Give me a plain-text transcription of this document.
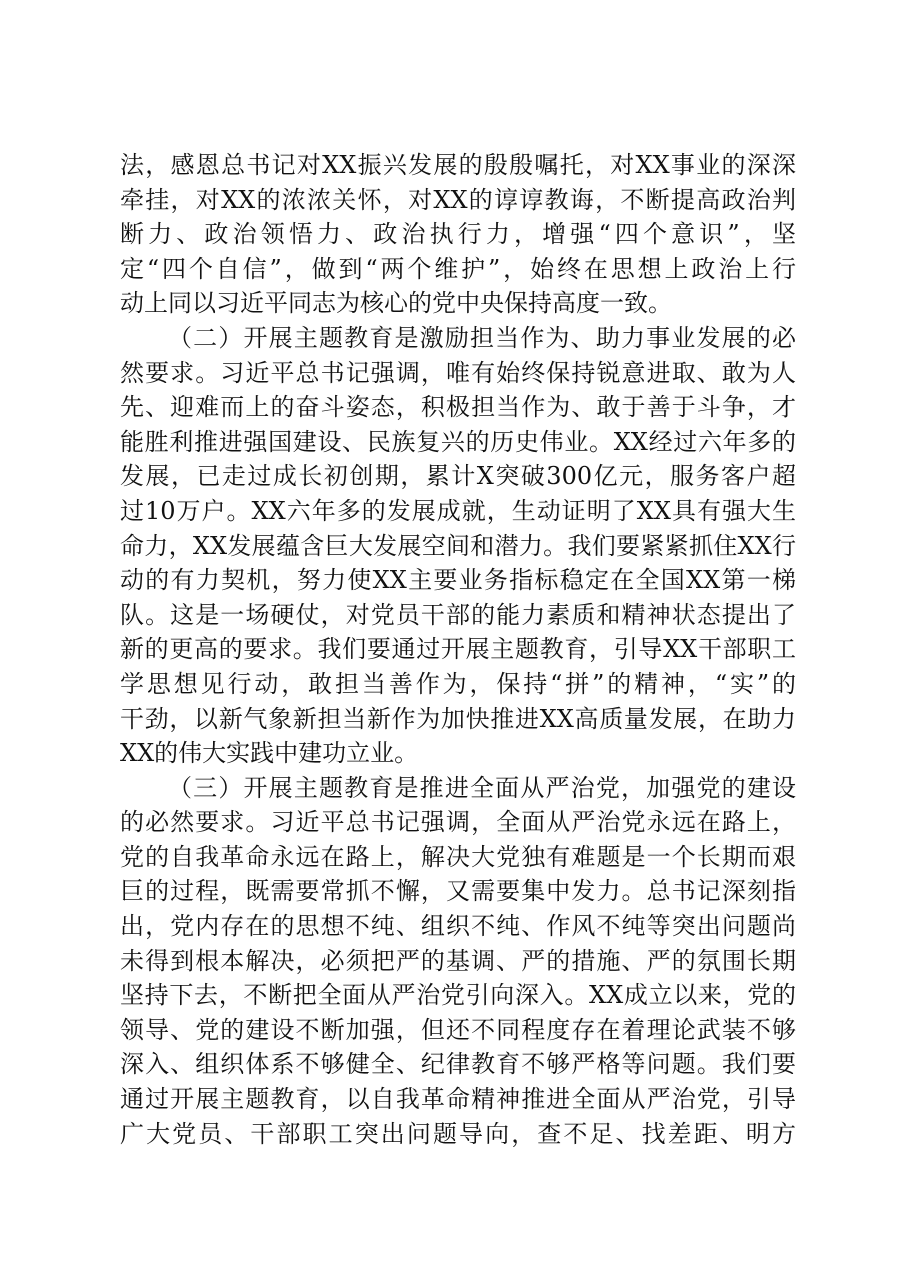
法，感恩总书记对XX振兴发展的殷殷嘱托，对XX事业的深深
牵挂，对XX的浓浓关怀，对XX的谆谆教诲，不断提高政治判
断力、政治领悟力、政治执行力，增强“四个意识”，坚
定“四个自信”，做到“两个维护”，始终在思想上政治上行
动上同以习近平同志为核心的党中央保持高度一致。
（二）开展主题教育是激励担当作为、助力事业发展的必
然要求。习近平总书记强调，唯有始终保持锐意进取、敢为人
先、迎难而上的奋斗姿态，积极担当作为、敢于善于斗争，才
能胜利推进强国建设、民族复兴的历史伟业。XX经过六年多的
发展，已走过成长初创期，累计X突破300亿元，服务客户超
过10万户。XX六年多的发展成就，生动证明了XX具有强大生
命力，XX发展蕴含巨大发展空间和潜力。我们要紧紧抓住XX行
动的有力契机，努力使XX主要业务指标稳定在全国XX第一梯
队。这是一场硬仗，对党员干部的能力素质和精神状态提出了
新的更高的要求。我们要通过开展主题教育，引导XX干部职工
学思想见行动，敢担当善作为，保持“拼”的精神，“实”的
干劲，以新气象新担当新作为加快推进XX高质量发展，在助力
XX的伟大实践中建功立业。
（三）开展主题教育是推进全面从严治党，加强党的建设
的必然要求。习近平总书记强调，全面从严治党永远在路上，
党的自我革命永远在路上，解决大党独有难题是一个长期而艰
巨的过程，既需要常抓不懈，又需要集中发力。总书记深刻指
出，党内存在的思想不纯、组织不纯、作风不纯等突出问题尚
未得到根本解决，必须把严的基调、严的措施、严的氛围长期
坚持下去，不断把全面从严治党引向深入。XX成立以来，党的
领导、党的建设不断加强，但还不同程度存在着理论武装不够
深入、组织体系不够健全、纪律教育不够严格等问题。我们要
通过开展主题教育，以自我革命精神推进全面从严治党，引导
广大党员、干部职工突出问题导向，查不足、找差距、明方
